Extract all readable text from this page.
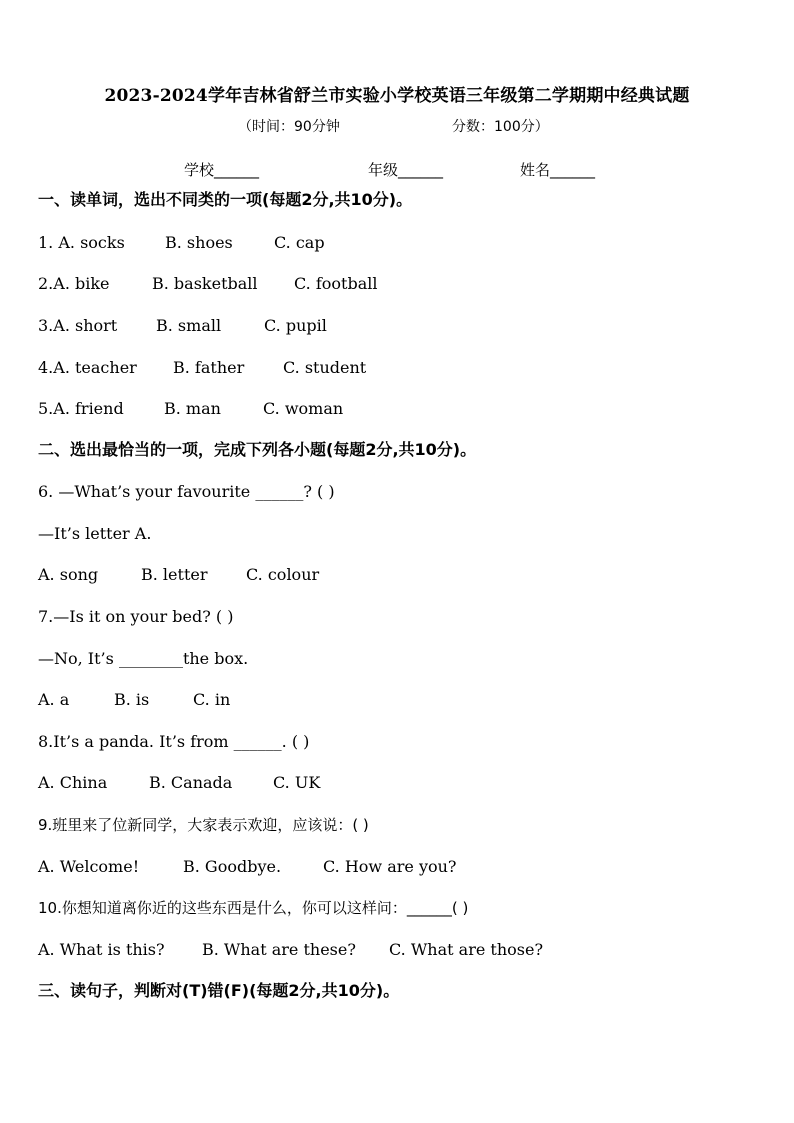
2023-2024学年吉林省舒兰市实验小学校英语三年级第二学期期中经典试题
（时间：90分钟	分数：100分）
学校______	年级______	姓名______
一、读单词，选出不同类的一项(每题2分,共10分)。
1. A. socks	B. shoes	C. cap
2.A. bike	B. basketball C. football
3.A. short B. small	C. pupil
4.A. teacher B. father C. student
5.A. friend	B. man	C. woman
二、选出最恰当的一项，完成下列各小题(每题2分,共10分)。
6. —What’s your favourite ______? ( )
—It’s letter A.
A. song	B. letter C. colour
7.—Is it on your bed? ( )
—No, It’s ________the box.
A. a	B. is	C. in
8.It’s a panda. It’s from ______. ( )
A. China	B. Canada	C. UK
9.班里来了位新同学，大家表示欢迎，应该说：( )
A. Welcome!	B. Goodbye.	C. How are you?
10.你想知道离你近的这些东西是什么，你可以这样问：______( )
A. What is this? B. What are these? C. What are those?
三、读句子，判断对(T)错(F)(每题2分,共10分)。
